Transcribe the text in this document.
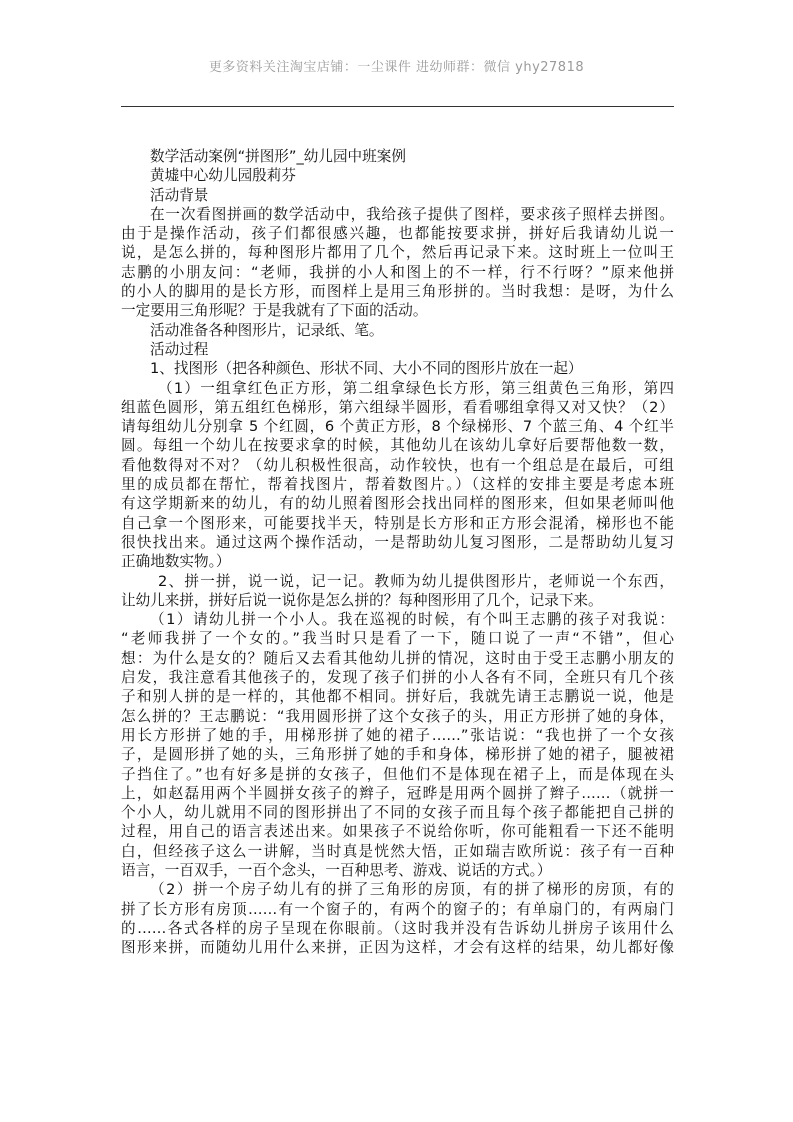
更多资料关注淘宝店铺：一尘课件 进幼师群：微信 yhy27818
数学活动案例“拼图形”_幼儿园中班案例
黄墟中心幼儿园殷莉芬
活动背景
在一次看图拼画的数学活动中，我给孩子提供了图样，要求孩子照样去拼图。
由于是操作活动，孩子们都很感兴趣，也都能按要求拼，拼好后我请幼儿说一
说，是怎么拼的，每种图形片都用了几个，然后再记录下来。这时班上一位叫王
志鹏的小朋友问：“老师，我拼的小人和图上的不一样，行不行呀？”原来他拼
的小人的脚用的是长方形，而图样上是用三角形拼的。当时我想：是呀，为什么
一定要用三角形呢？于是我就有了下面的活动。
活动准备各种图形片，记录纸、笔。
活动过程
1、找图形（把各种颜色、形状不同、大小不同的图形片放在一起）
（1）一组拿红色正方形，第二组拿绿色长方形，第三组黄色三角形，第四
组蓝色圆形，第五组红色梯形，第六组绿半圆形，看看哪组拿得又对又快？（2）
请每组幼儿分别拿 5 个红圆，6 个黄正方形，8 个绿梯形、7 个蓝三角、4 个红半
圆。每组一个幼儿在按要求拿的时候，其他幼儿在该幼儿拿好后要帮他数一数，
看他数得对不对？（幼儿积极性很高，动作较快，也有一个组总是在最后，可组
里的成员都在帮忙，帮着找图片，帮着数图片。）（这样的安排主要是考虑本班
有这学期新来的幼儿，有的幼儿照着图形会找出同样的图形来，但如果老师叫他
自己拿一个图形来，可能要找半天，特别是长方形和正方形会混淆，梯形也不能
很快找出来。通过这两个操作活动，一是帮助幼儿复习图形，二是帮助幼儿复习
正确地数实物。）
2、拼一拼，说一说，记一记。教师为幼儿提供图形片，老师说一个东西，
让幼儿来拼，拼好后说一说你是怎么拼的？每种图形用了几个，记录下来。
（1）请幼儿拼一个小人。我在巡视的时候，有个叫王志鹏的孩子对我说：
“老师我拼了一个女的。”我当时只是看了一下，随口说了一声“不错”，但心
想：为什么是女的？随后又去看其他幼儿拼的情况，这时由于受王志鹏小朋友的
启发，我注意看其他孩子的，发现了孩子们拼的小人各有不同，全班只有几个孩
子和别人拼的是一样的，其他都不相同。拼好后，我就先请王志鹏说一说，他是
怎么拼的？王志鹏说：“我用圆形拼了这个女孩子的头，用正方形拼了她的身体，
用长方形拼了她的手，用梯形拼了她的裙子……”张诘说：“我也拼了一个女孩
子，是圆形拼了她的头，三角形拼了她的手和身体，梯形拼了她的裙子，腿被裙
子挡住了。”也有好多是拼的女孩子，但他们不是体现在裙子上，而是体现在头
上，如赵磊用两个半圆拼女孩子的辫子，冠晔是用两个圆拼了辫子……（就拼一
个小人，幼儿就用不同的图形拼出了不同的女孩子而且每个孩子都能把自己拼的
过程，用自己的语言表述出来。如果孩子不说给你听，你可能粗看一下还不能明
白，但经孩子这么一讲解，当时真是恍然大悟，正如瑞吉欧所说：孩子有一百种
语言，一百双手，一百个念头，一百种思考、游戏、说话的方式。）
（2）拼一个房子幼儿有的拼了三角形的房顶，有的拼了梯形的房顶，有的
拼了长方形有房顶……有一个窗子的，有两个的窗子的；有单扇门的，有两扇门
的……各式各样的房子呈现在你眼前。（这时我并没有告诉幼儿拼房子该用什么
图形来拼，而随幼儿用什么来拼，正因为这样，才会有这样的结果，幼儿都好像
